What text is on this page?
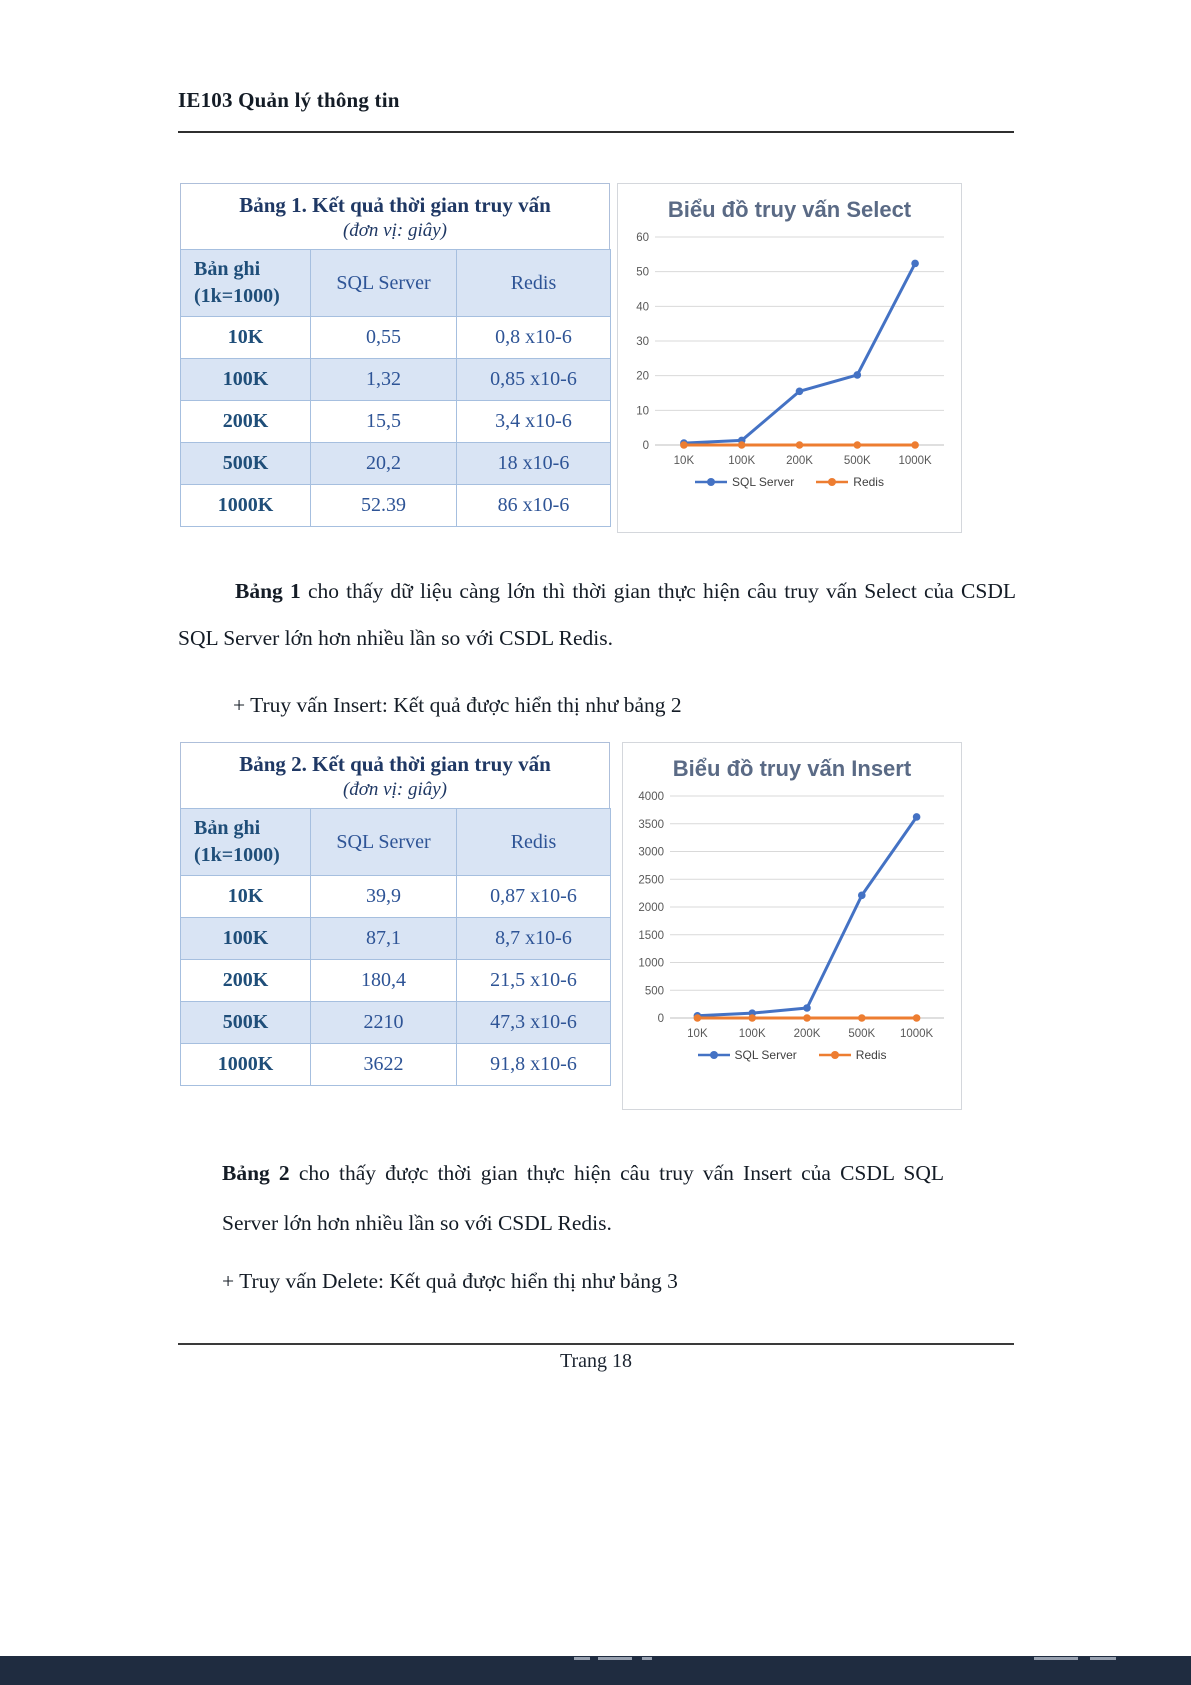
IE103 Quản lý thông tin
Bảng 1. Kết quả thời gian truy vấn
(đơn vị: giây)
Bản ghi
(1k=1000)	SQL Server	Redis
10K	0,55	0,8 x10-6
100K	1,32	0,85 x10-6
200K	15,5	3,4 x10-6
500K	20,2	18 x10-6
1000K	52.39	86 x10-6
Biểu đồ truy vấn Select
0
10
20
30
40
50
60
10K	100K	200K	500K 1000K
SQL Server	Redis
Bảng 1 cho thấy dữ liệu càng lớn thì thời gian thực hiện câu truy vấn Select của CSDL SQL Server lớn hơn nhiều lần so với CSDL Redis.
+ Truy vấn Insert: Kết quả được hiển thị như bảng 2
Bảng 2. Kết quả thời gian truy vấn
(đơn vị: giây)
Bản ghi
(1k=1000)	SQL Server	Redis
10K	39,9	0,87 x10-6
100K	87,1	8,7 x10-6
200K	180,4	21,5 x10-6
500K	2210	47,3 x10-6
1000K	3622	91,8 x10-6
Biểu đồ truy vấn Insert
0
500
1000
1500
2000
2500
3000
3500
4000
10K	100K 200K 500K 1000K
SQL Server	Redis
Bảng 2 cho thấy được thời gian thực hiện câu truy vấn Insert của CSDL SQL Server lớn hơn nhiều lần so với CSDL Redis.
+ Truy vấn Delete: Kết quả được hiển thị như bảng 3
Trang 18
